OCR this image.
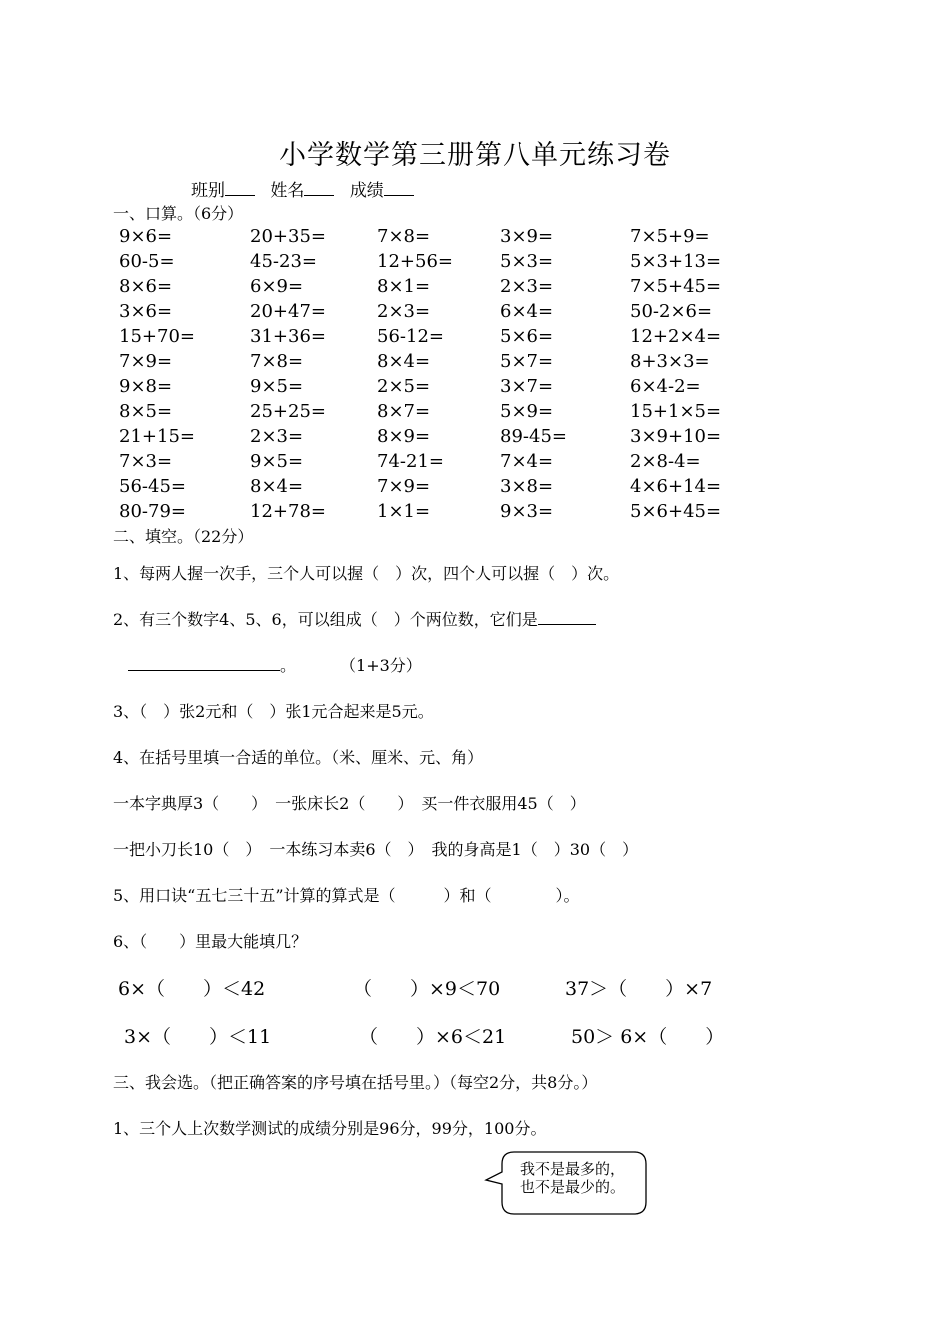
小学数学第三册第八单元练习卷
班别	姓名	成绩
一、口算。（6分）
9×6=	20+35=	7×8=	3×9=	7×5+9=
60-5=	45-23=	12+56=	5×3=	5×3+13=
8×6=	6×9=	8×1=	2×3=	7×5+45=
3×6=	20+47=	2×3=	6×4=	50-2×6=
15+70=	31+36=	56-12=	5×6=	12+2×4=
7×9=	7×8=	8×4=	5×7=	8+3×3=
9×8=	9×5=	2×5=	3×7=	6×4-2=
8×5=	25+25=	8×7=	5×9=	15+1×5=
21+15=	2×3=	8×9=	89-45=	3×9+10=
7×3=	9×5=	74-21=	7×4=	2×8-4=
56-45=	8×4=	7×9=	3×8=	4×6+14=
80-79=	12+78=	1×1=	9×3=	5×6+45=
二、填空。（22分）
1、每两人握一次手，三个人可以握（　）次，四个人可以握（　）次。
2、有三个数字4、5、6，可以组成（　）个两位数，它们是
。	（1+3分）
3、（　）张2元和（　）张1元合起来是5元。
4、在括号里填一合适的单位。（米、厘米、元、角）
一本字典厚3（　　）　一张床长2（　　）　买一件衣服用45（　）
一把小刀长10（　）　一本练习本卖6（　）　我的身高是1（　）30（　）
5、用口诀“五七三十五”计算的算式是（　　　）和（　　　　）。
6、（　　）里最大能填几？
6×（　　）＜42	（　　）×9＜70	37＞（　　）×7
3×（　　）＜11	（　　）×6＜21	50＞ 6×（　　）
三、我会选。（把正确答案的序号填在括号里。）（每空2分，共8分。）
1、三个人上次数学测试的成绩分别是96分，99分，100分。
我不是最多的，
也不是最少的。
